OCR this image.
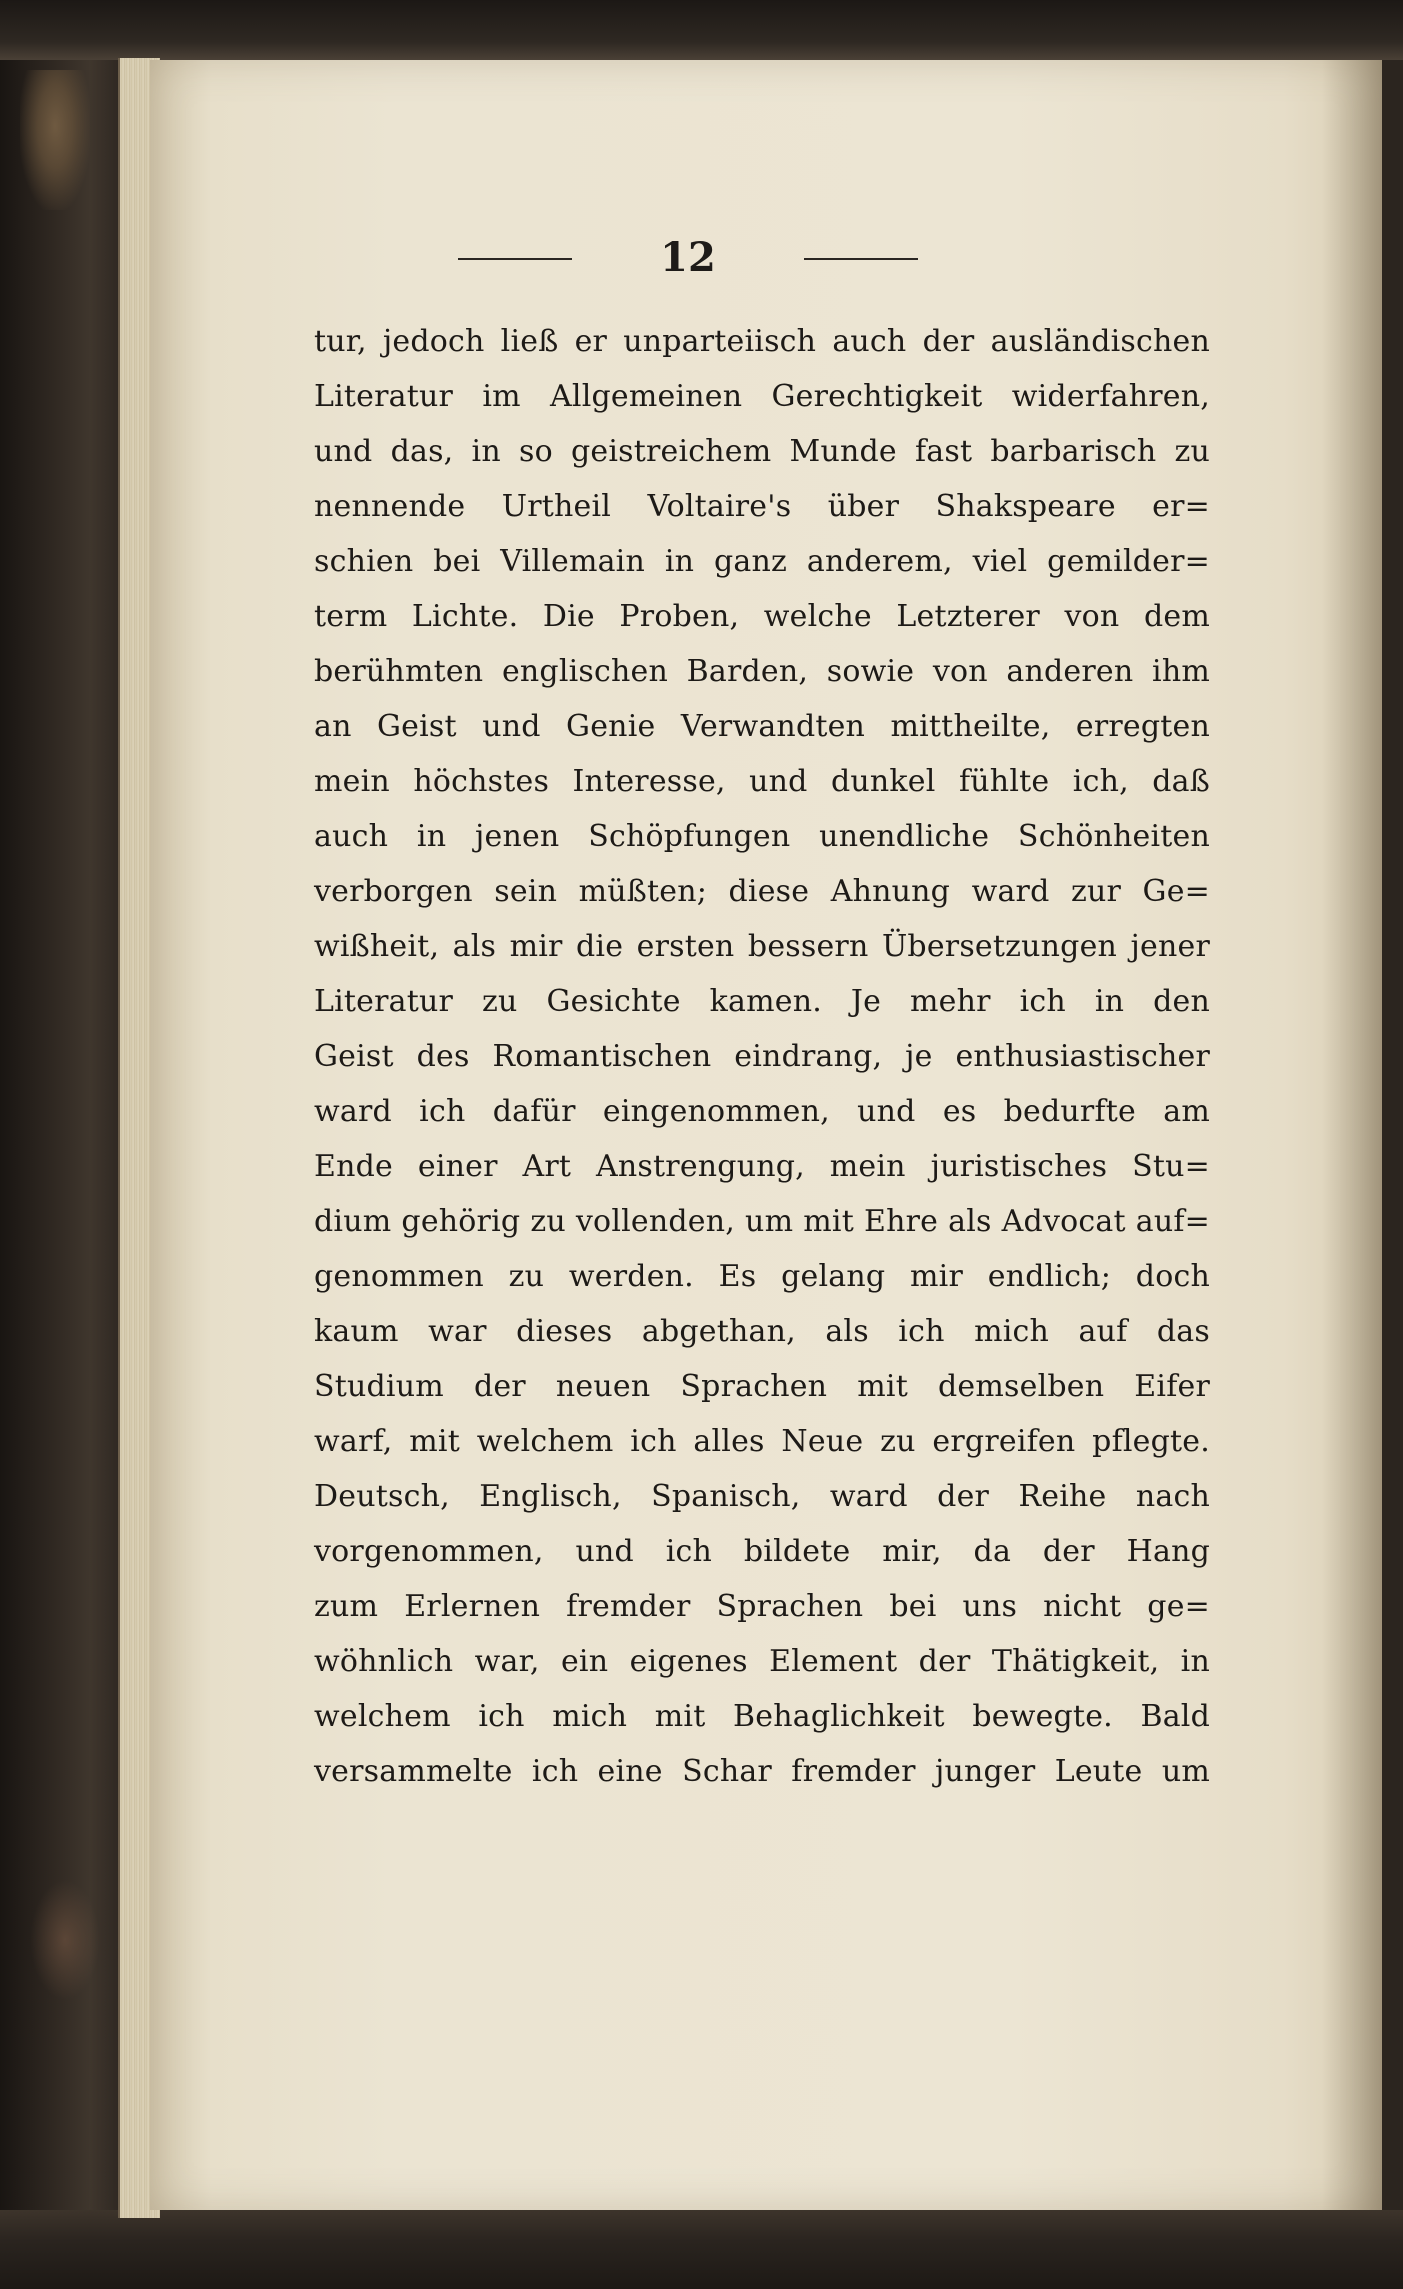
12
tur, jedoch ließ er unparteiisch auch der ausländischen
Literatur im Allgemeinen Gerechtigkeit widerfahren,
und das, in so geistreichem Munde fast barbarisch zu
nennende Urtheil Voltaire's über Shakspeare er=
schien bei Villemain in ganz anderem, viel gemilder=
term Lichte. Die Proben, welche Letzterer von dem
berühmten englischen Barden, sowie von anderen ihm
an Geist und Genie Verwandten mittheilte, erregten
mein höchstes Interesse, und dunkel fühlte ich, daß
auch in jenen Schöpfungen unendliche Schönheiten
verborgen sein müßten; diese Ahnung ward zur Ge=
wißheit, als mir die ersten bessern Übersetzungen jener
Literatur zu Gesichte kamen. Je mehr ich in den
Geist des Romantischen eindrang, je enthusiastischer
ward ich dafür eingenommen, und es bedurfte am
Ende einer Art Anstrengung, mein juristisches Stu=
dium gehörig zu vollenden, um mit Ehre als Advocat auf=
genommen zu werden. Es gelang mir endlich; doch
kaum war dieses abgethan, als ich mich auf das
Studium der neuen Sprachen mit demselben Eifer
warf, mit welchem ich alles Neue zu ergreifen pflegte.
Deutsch, Englisch, Spanisch, ward der Reihe nach
vorgenommen, und ich bildete mir, da der Hang
zum Erlernen fremder Sprachen bei uns nicht ge=
wöhnlich war, ein eigenes Element der Thätigkeit, in
welchem ich mich mit Behaglichkeit bewegte. Bald
versammelte ich eine Schar fremder junger Leute um
